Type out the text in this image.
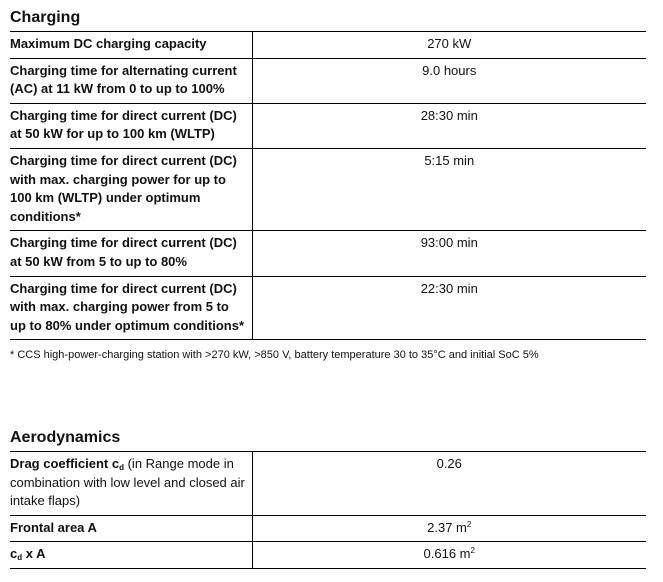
Charging
Maximum DC charging capacity	270 kW
Charging time for alternating current (AC) at 11 kW from 0 to up to 100%	9.0 hours
Charging time for direct current (DC) at 50 kW for up to 100 km (WLTP)	28:30 min
Charging time for direct current (DC) with max. charging power for up to 100 km (WLTP) under optimum conditions*	5:15 min
Charging time for direct current (DC) at 50 kW from 5 to up to 80%	93:00 min
Charging time for direct current (DC) with max. charging power from 5 to up to 80% under optimum conditions*	22:30 min
* CCS high-power-charging station with >270 kW, >850 V, battery temperature 30 to 35°C and initial SoC 5%
Aerodynamics
Drag coefficient $c_d$ (in Range mode in combination with low level and closed air intake flaps)	0.26
Frontal area A	2.37 $m^2$
$c_d$ x A	0.616 $m^2$
